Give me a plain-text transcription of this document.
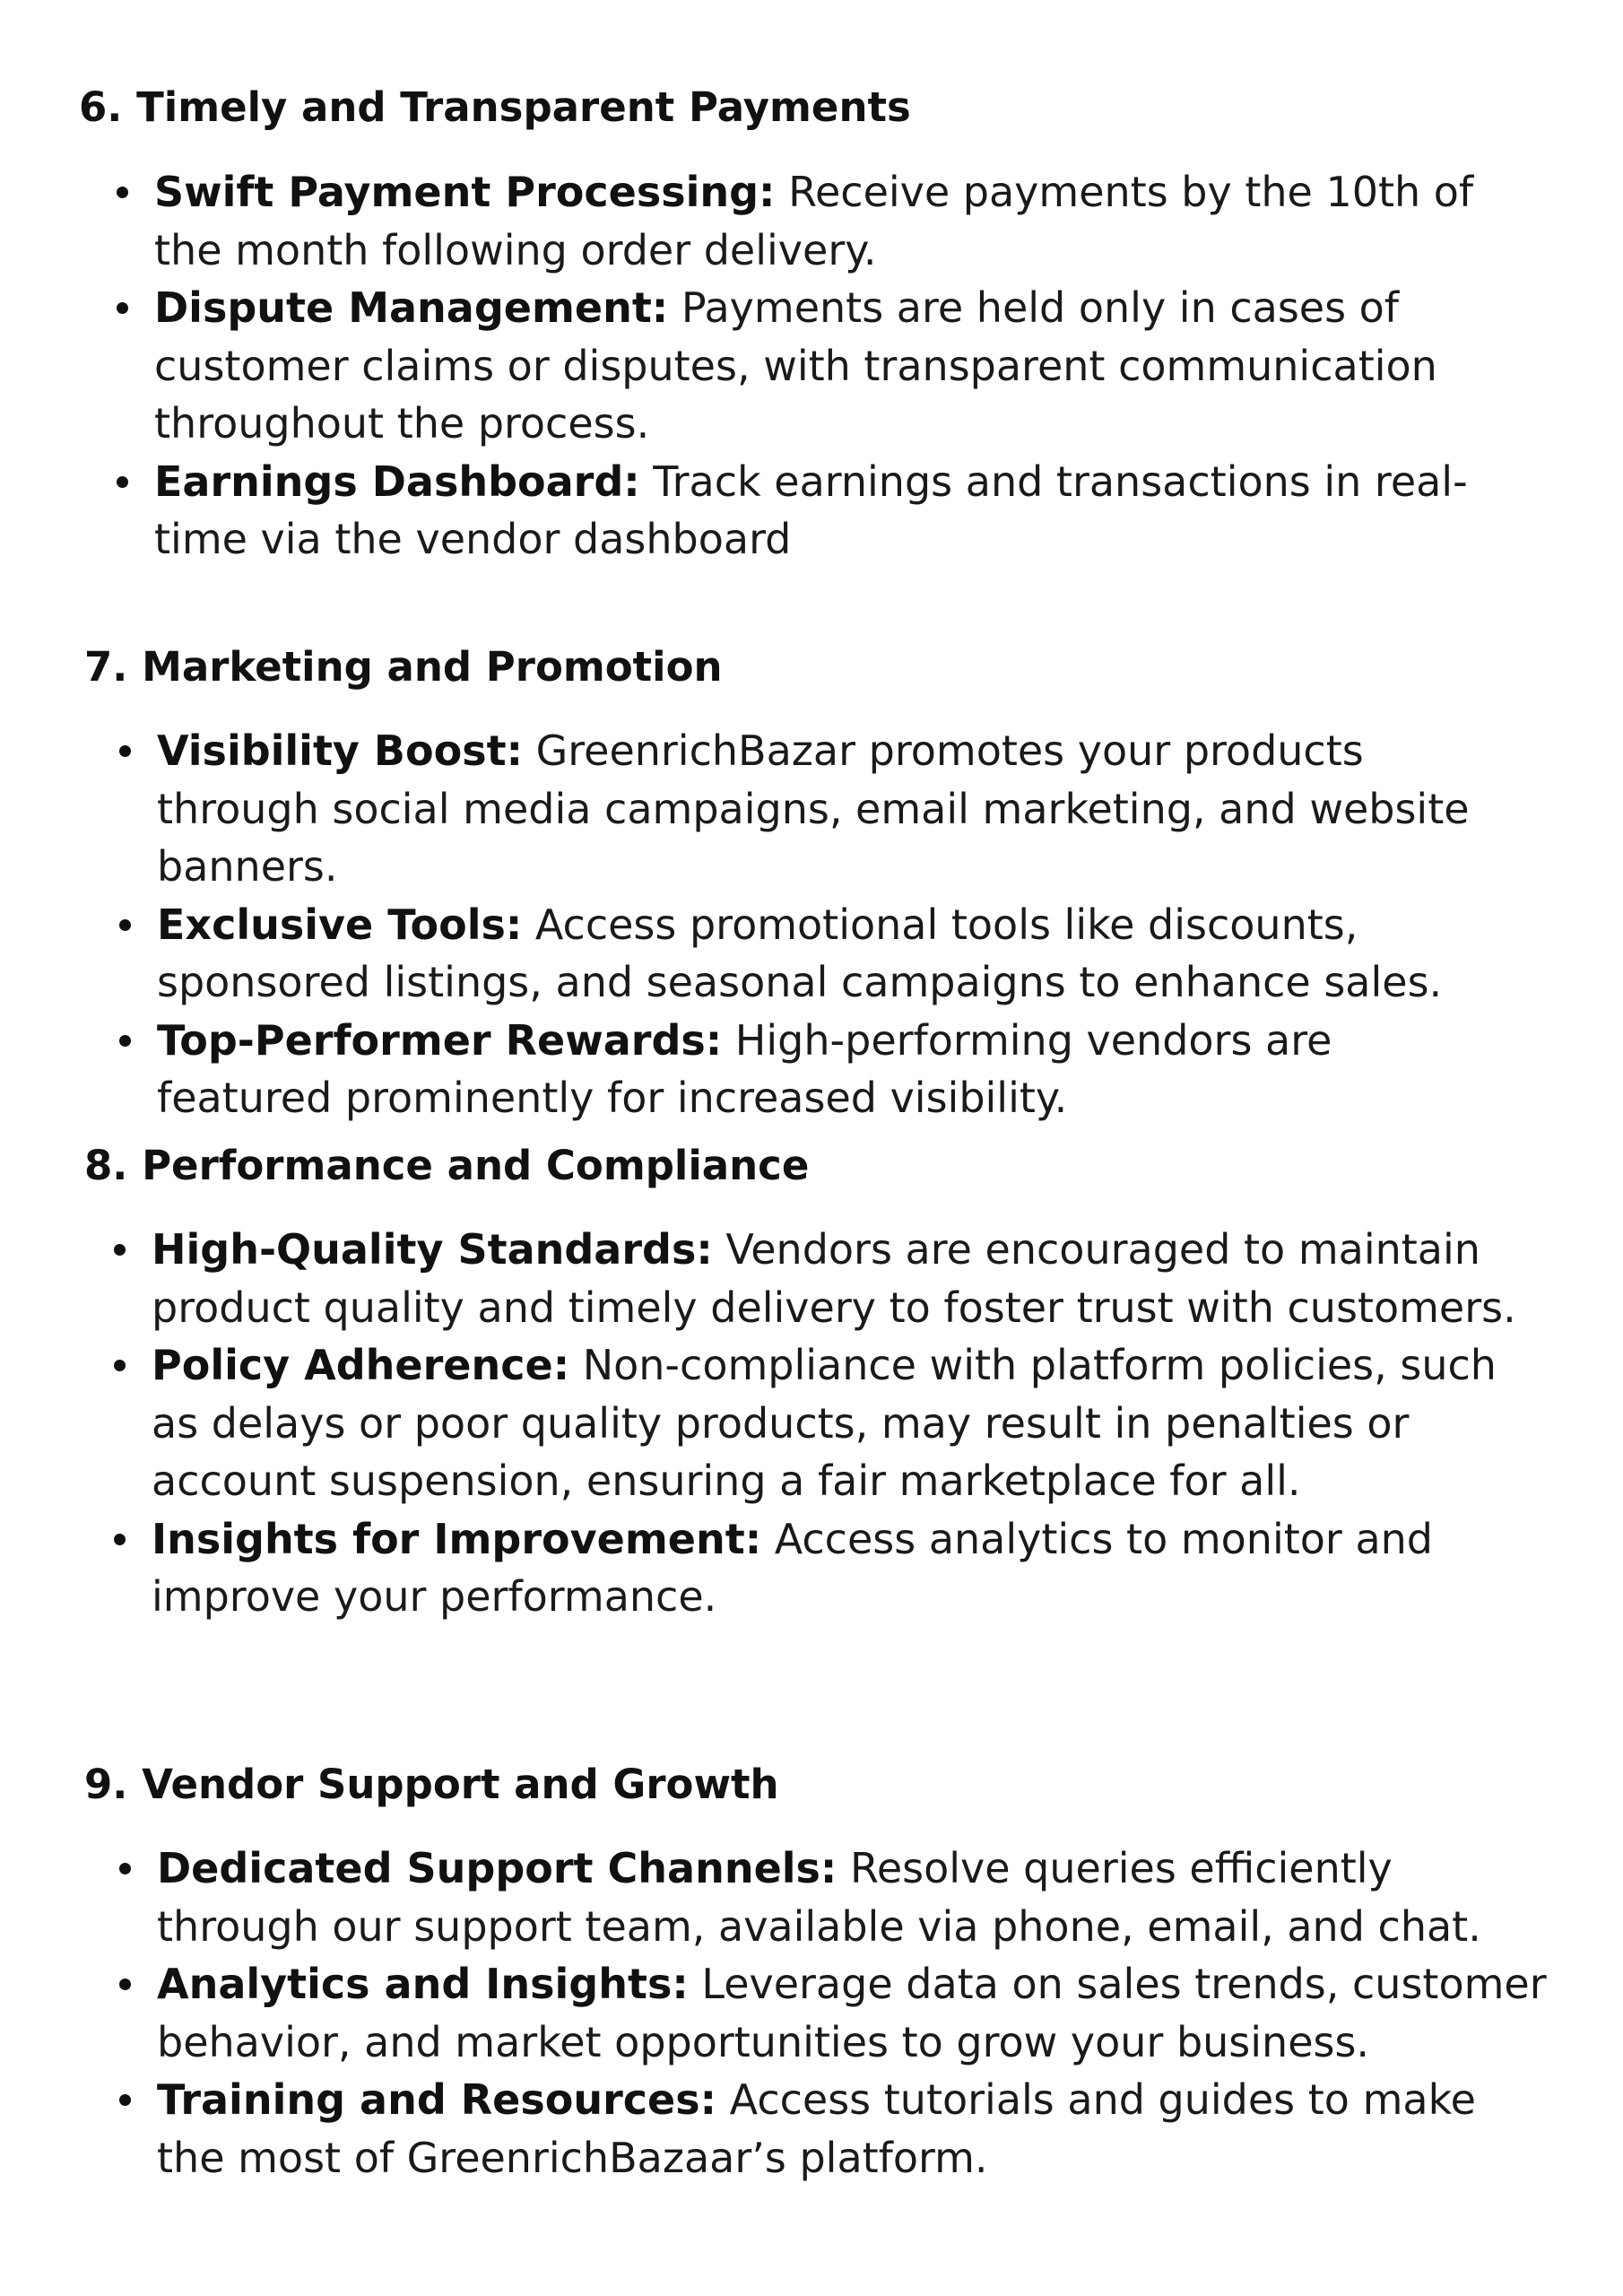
6. Timely and Transparent Payments
Swift Payment Processing: Receive payments by the 10th of the month following order delivery.
Dispute Management: Payments are held only in cases of customer claims or disputes, with transparent communication throughout the process.
Earnings Dashboard: Track earnings and transactions in real-time via the vendor dashboard
7. Marketing and Promotion
Visibility Boost: GreenrichBazar promotes your products through social media campaigns, email marketing, and website banners.
Exclusive Tools: Access promotional tools like discounts, sponsored listings, and seasonal campaigns to enhance sales.
Top-Performer Rewards: High-performing vendors are featured prominently for increased visibility.
8. Performance and Compliance
High-Quality Standards: Vendors are encouraged to maintain product quality and timely delivery to foster trust with customers.
Policy Adherence: Non-compliance with platform policies, such as delays or poor quality products, may result in penalties or account suspension, ensuring a fair marketplace for all.
Insights for Improvement: Access analytics to monitor and improve your performance.
9. Vendor Support and Growth
Dedicated Support Channels: Resolve queries efficiently through our support team, available via phone, email, and chat.
Analytics and Insights: Leverage data on sales trends, customer behavior, and market opportunities to grow your business.
Training and Resources: Access tutorials and guides to make the most of GreenrichBazaar’s platform.
